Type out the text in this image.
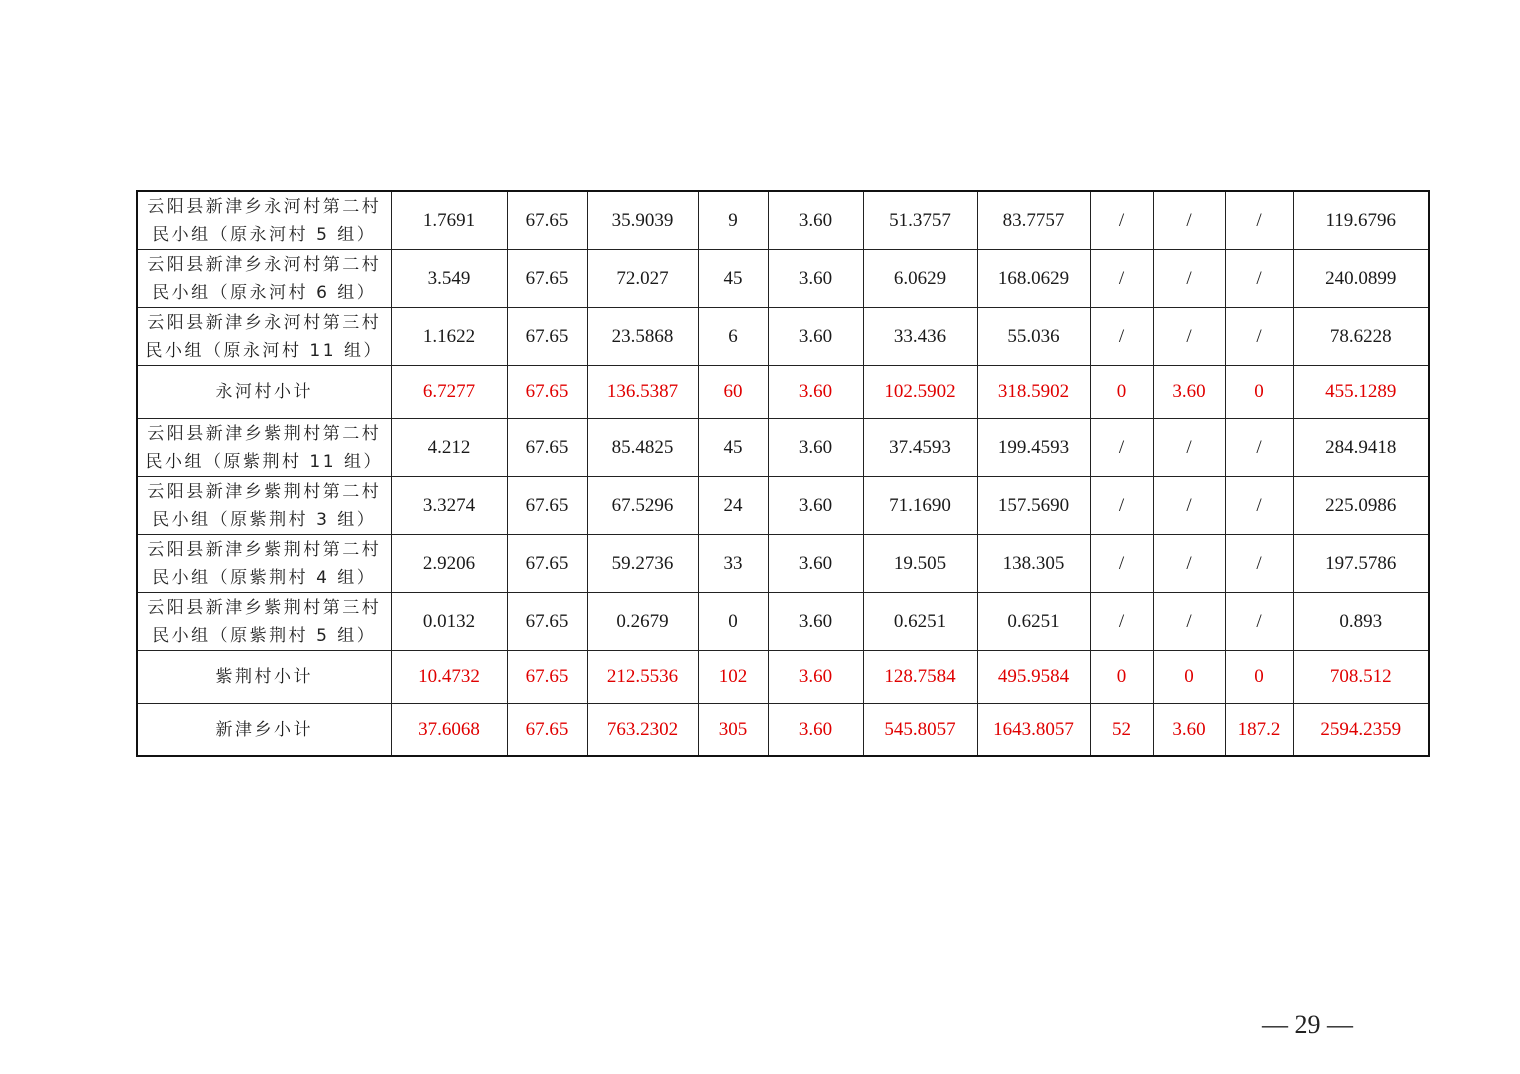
云阳县新津乡永河村第二村民小组（原永河村 5 组）	1.7691	67.65	35.9039	9	3.60	51.3757	83.7757	/	/	/	119.6796
云阳县新津乡永河村第二村民小组（原永河村 6 组）	3.549	67.65	72.027	45	3.60	6.0629	168.0629	/	/	/	240.0899
云阳县新津乡永河村第三村民小组（原永河村 11 组）	1.1622	67.65	23.5868	6	3.60	33.436	55.036	/	/	/	78.6228
永河村小计	6.7277	67.65	136.5387	60	3.60	102.5902	318.5902	0	3.60	0	455.1289
云阳县新津乡紫荆村第二村民小组（原紫荆村 11 组）	4.212	67.65	85.4825	45	3.60	37.4593	199.4593	/	/	/	284.9418
云阳县新津乡紫荆村第二村民小组（原紫荆村 3 组）	3.3274	67.65	67.5296	24	3.60	71.1690	157.5690	/	/	/	225.0986
云阳县新津乡紫荆村第二村民小组（原紫荆村 4 组）	2.9206	67.65	59.2736	33	3.60	19.505	138.305	/	/	/	197.5786
云阳县新津乡紫荆村第三村民小组（原紫荆村 5 组）	0.0132	67.65	0.2679	0	3.60	0.6251	0.6251	/	/	/	0.893
紫荆村小计	10.4732	67.65	212.5536	102	3.60	128.7584	495.9584	0	0	0	708.512
新津乡小计	37.6068	67.65	763.2302	305	3.60	545.8057	1643.8057	52	3.60	187.2	2594.2359
— 29 —
